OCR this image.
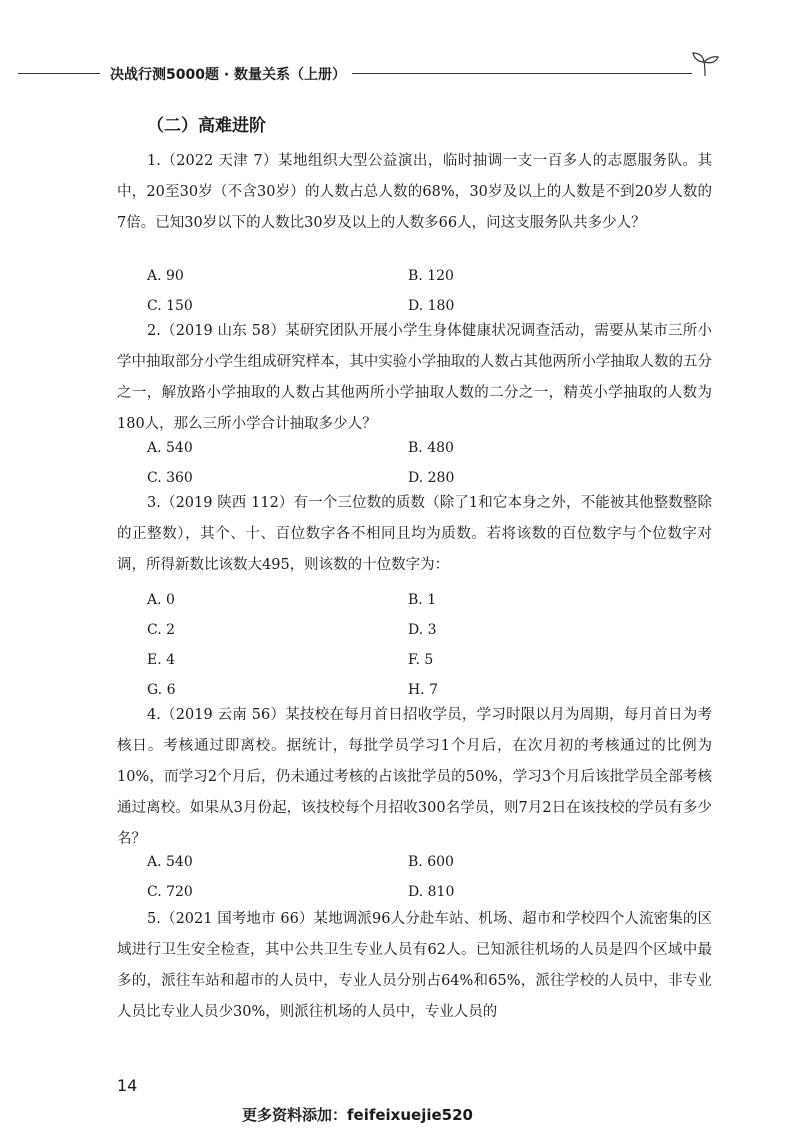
决战行测5000题 · 数量关系（上册）
（二）高难进阶

1.（2022 天津 7）某地组织大型公益演出，临时抽调一支一百多人的志愿服务队。其中，20至30岁（不含30岁）的人数占总人数的68%，30岁及以上的人数是不到20岁人数的7倍。已知30岁以下的人数比30岁及以上的人数多66人，问这支服务队共多少人？

A. 90	B. 120
C. 150	D. 180

2.（2019 山东 58）某研究团队开展小学生身体健康状况调查活动，需要从某市三所小学中抽取部分小学生组成研究样本，其中实验小学抽取的人数占其他两所小学抽取人数的五分之一，解放路小学抽取的人数占其他两所小学抽取人数的二分之一，精英小学抽取的人数为180人，那么三所小学合计抽取多少人？

A. 540	B. 480
C. 360	D. 280

3.（2019 陕西 112）有一个三位数的质数（除了1和它本身之外，不能被其他整数整除的正整数），其个、十、百位数字各不相同且均为质数。若将该数的百位数字与个位数字对调，所得新数比该数大495，则该数的十位数字为：

A. 0	B. 1
C. 2	D. 3
E. 4	F. 5
G. 6	H. 7

4.（2019 云南 56）某技校在每月首日招收学员，学习时限以月为周期，每月首日为考核日。考核通过即离校。据统计，每批学员学习1个月后，在次月初的考核通过的比例为10%，而学习2个月后，仍未通过考核的占该批学员的50%，学习3个月后该批学员全部考核通过离校。如果从3月份起，该技校每个月招收300名学员，则7月2日在该技校的学员有多少名？

A. 540	B. 600
C. 720	D. 810

5.（2021 国考地市 66）某地调派96人分赴车站、机场、超市和学校四个人流密集的区域进行卫生安全检查，其中公共卫生专业人员有62人。已知派往机场的人员是四个区域中最多的，派往车站和超市的人员中，专业人员分别占64%和65%，派往学校的人员中，非专业人员比专业人员少30%，则派往机场的人员中，专业人员的

14
更多资料添加：feifeixuejie520
